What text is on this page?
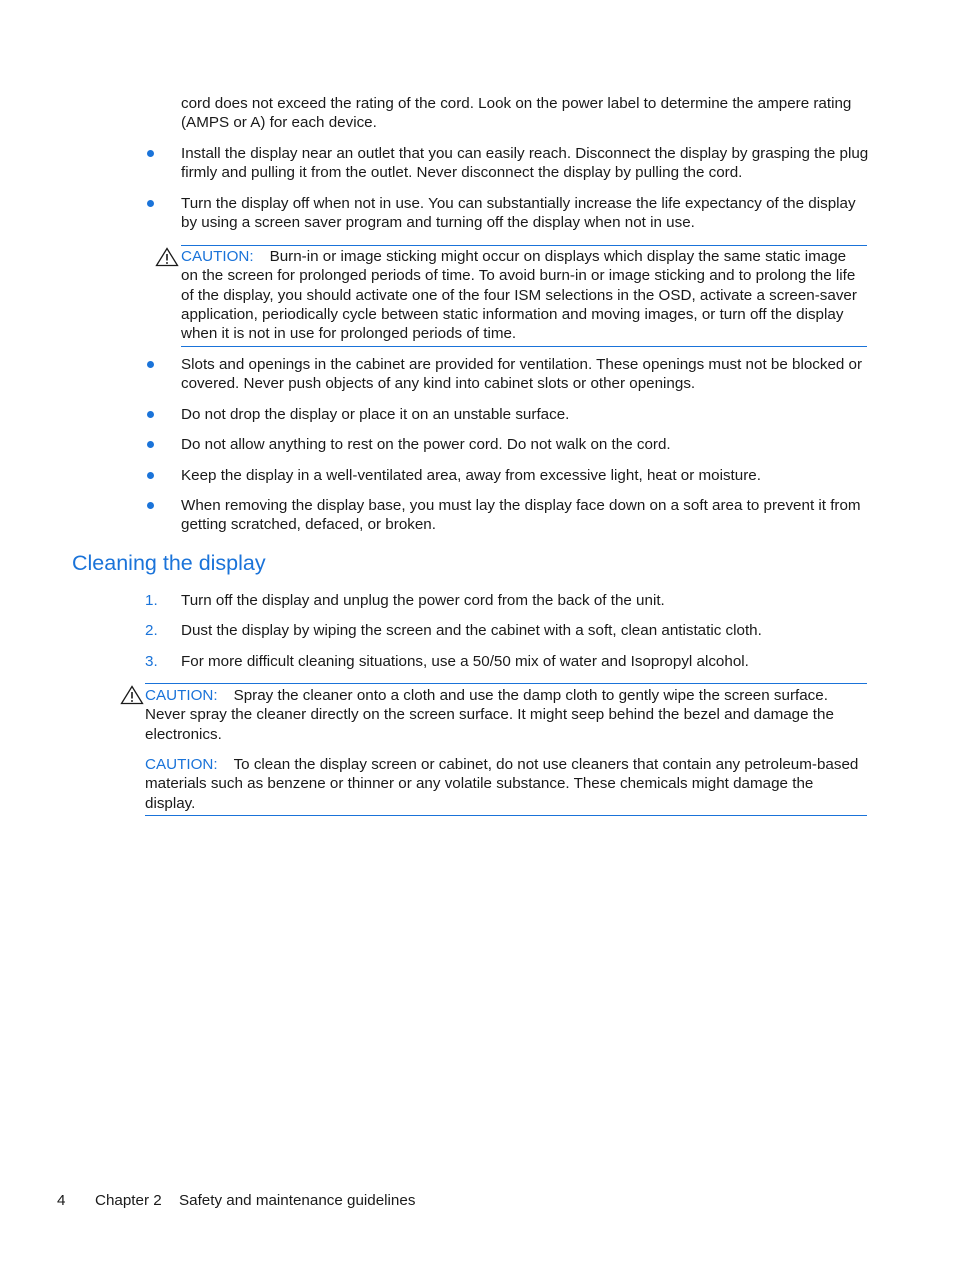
cord does not exceed the rating of the cord. Look on the power label to determine the ampere rating (AMPS or A) for each device.

Install the display near an outlet that you can easily reach. Disconnect the display by grasping the plug firmly and pulling it from the outlet. Never disconnect the display by pulling the cord.
Turn the display off when not in use. You can substantially increase the life expectancy of the display by using a screen saver program and turning off the display when not in use.
CAUTION: Burn-in or image sticking might occur on displays which display the same static image on the screen for prolonged periods of time. To avoid burn-in or image sticking and to prolong the life of the display, you should activate one of the four ISM selections in the OSD, activate a screen-saver application, periodically cycle between static information and moving images, or turn off the display when it is not in use for prolonged periods of time.
Slots and openings in the cabinet are provided for ventilation. These openings must not be blocked or covered. Never push objects of any kind into cabinet slots or other openings.
Do not drop the display or place it on an unstable surface.
Do not allow anything to rest on the power cord. Do not walk on the cord.
Keep the display in a well-ventilated area, away from excessive light, heat or moisture.
When removing the display base, you must lay the display face down on a soft area to prevent it from getting scratched, defaced, or broken.
Cleaning the display
1. Turn off the display and unplug the power cord from the back of the unit.
2. Dust the display by wiping the screen and the cabinet with a soft, clean antistatic cloth.
3. For more difficult cleaning situations, use a 50/50 mix of water and Isopropyl alcohol.
CAUTION: Spray the cleaner onto a cloth and use the damp cloth to gently wipe the screen surface. Never spray the cleaner directly on the screen surface. It might seep behind the bezel and damage the electronics.
CAUTION: To clean the display screen or cabinet, do not use cleaners that contain any petroleum-based materials such as benzene or thinner or any volatile substance. These chemicals might damage the display.
4 Chapter 2 Safety and maintenance guidelines
